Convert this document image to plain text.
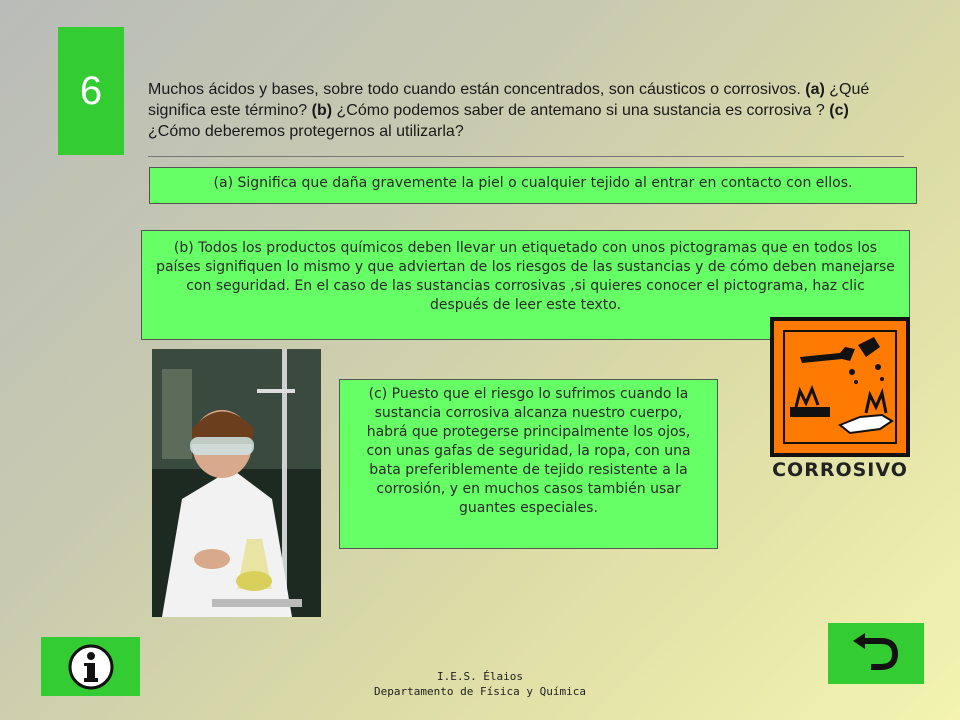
6	Muchos ácidos y bases, sobre todo cuando están concentrados, son cáusticos o corrosivos. (a) ¿Qué significa este término? (b) ¿Cómo podemos saber de antemano si una sustancia es corrosiva ? (c) ¿Cómo deberemos protegernos al utilizarla?
(a) Significa que daña gravemente la piel o cualquier tejido al entrar en contacto con ellos.
(b) Todos los productos químicos deben llevar un etiquetado con unos pictogramas que en todos los países signifiquen lo mismo y que adviertan de los riesgos de las sustancias y de cómo deben manejarse con seguridad. En el caso de las sustancias corrosivas ,si quieres conocer el pictograma, haz clic después de leer este texto.
(c) Puesto que el riesgo lo sufrimos cuando la sustancia corrosiva alcanza nuestro cuerpo, habrá que protegerse principalmente los ojos, con unas gafas de seguridad, la ropa, con una bata preferiblemente de tejido resistente a la corrosión, y en muchos casos también usar guantes especiales.
CORROSIVO
I.E.S. Élaios
Departamento de Física y Química
